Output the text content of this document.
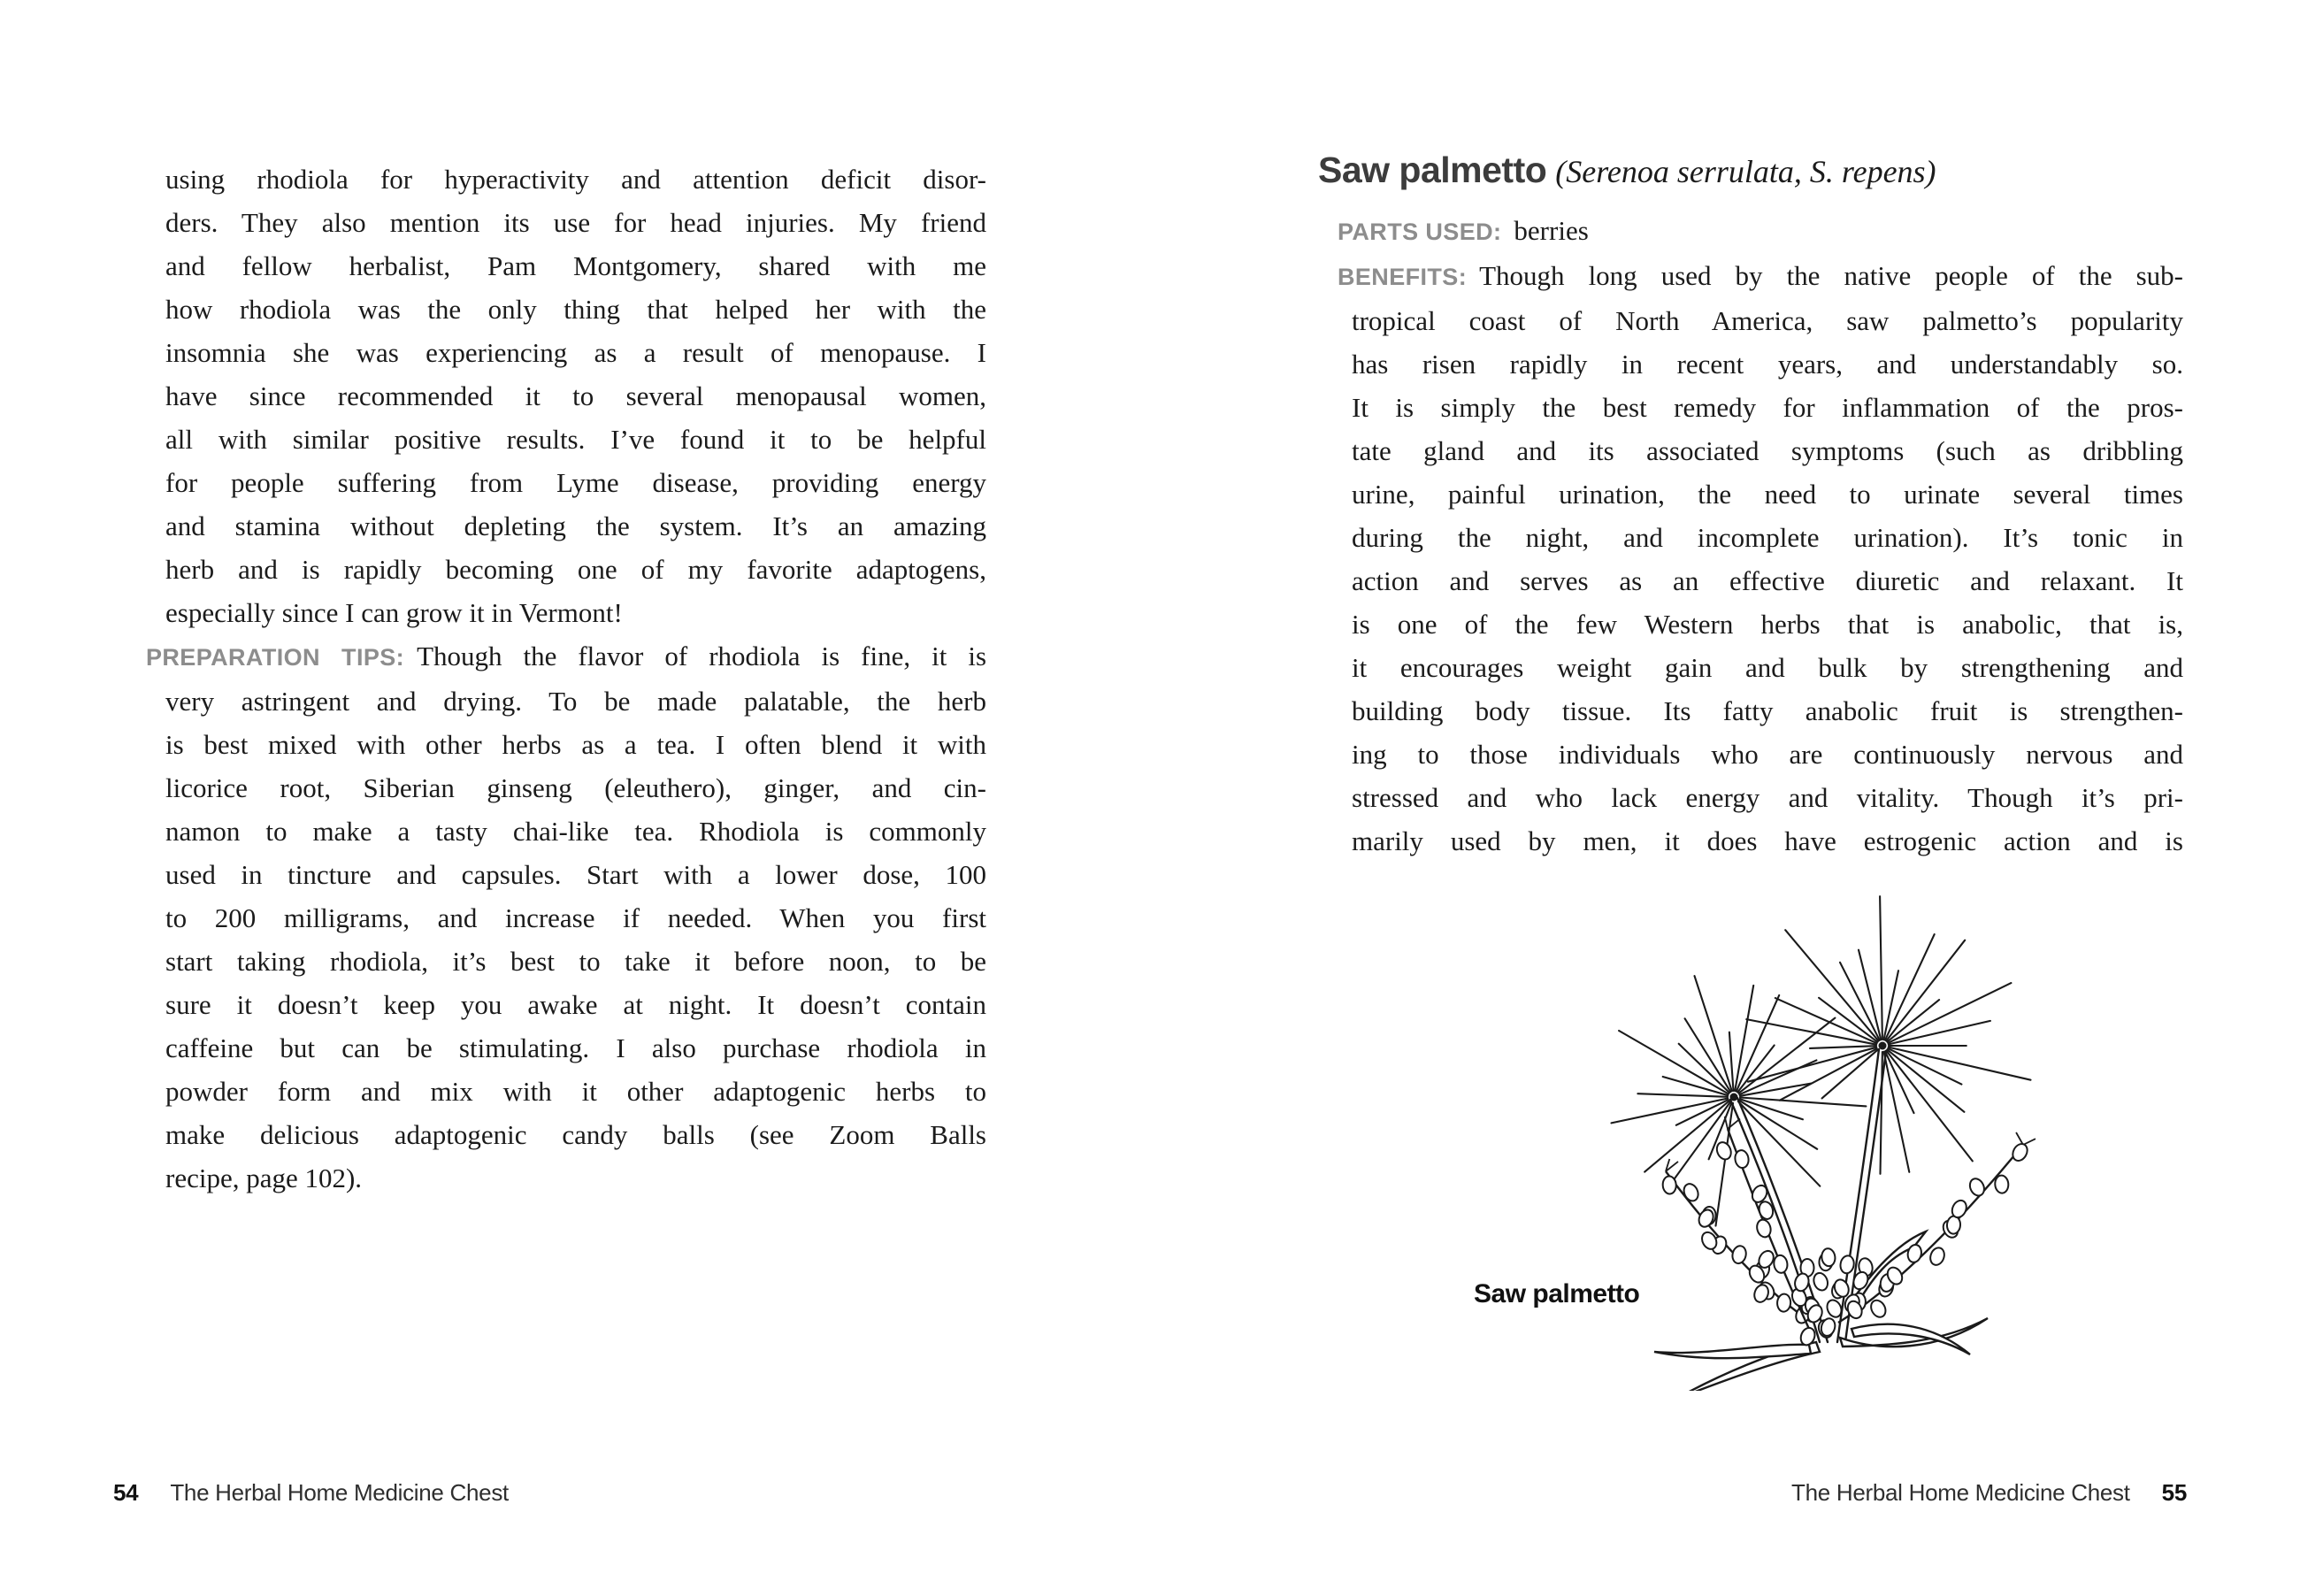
using rhodiola for hyperactivity and attention deficit disor-
ders. They also mention its use for head injuries. My friend
and fellow herbalist, Pam Montgomery, shared with me
how rhodiola was the only thing that helped her with the
insomnia she was experiencing as a result of menopause. I
have since recommended it to several menopausal women,
all with similar positive results. I’ve found it to be helpful
for people suffering from Lyme disease, providing energy
and stamina without depleting the system. It’s an amazing
herb and is rapidly becoming one of my favorite adaptogens,
especially since I can grow it in Vermont!
PREPARATION TIPS: Though the flavor of rhodiola is fine, it is
very astringent and drying. To be made palatable, the herb
is best mixed with other herbs as a tea. I often blend it with
licorice root, Siberian ginseng (eleuthero), ginger, and cin-
namon to make a tasty chai-like tea. Rhodiola is commonly
used in tincture and capsules. Start with a lower dose, 100
to 200 milligrams, and increase if needed. When you first
start taking rhodiola, it’s best to take it before noon, to be
sure it doesn’t keep you awake at night. It doesn’t contain
caffeine but can be stimulating. I also purchase rhodiola in
powder form and mix with it other adaptogenic herbs to
make delicious adaptogenic candy balls (see Zoom Balls
recipe, page 102).
54 The Herbal Home Medicine Chest
Saw palmetto (Serenoa serrulata, S. repens)
PARTS USED: berries
BENEFITS: Though long used by the native people of the sub-
tropical coast of North America, saw palmetto’s popularity
has risen rapidly in recent years, and understandably so.
It is simply the best remedy for inflammation of the pros-
tate gland and its associated symptoms (such as dribbling
urine, painful urination, the need to urinate several times
during the night, and incomplete urination). It’s tonic in
action and serves as an effective diuretic and relaxant. It
is one of the few Western herbs that is anabolic, that is,
it encourages weight gain and bulk by strengthening and
building body tissue. Its fatty anabolic fruit is strengthen-
ing to those individuals who are continuously nervous and
stressed and who lack energy and vitality. Though it’s pri-
marily used by men, it does have estrogenic action and is
Saw palmetto
The Herbal Home Medicine Chest 55
